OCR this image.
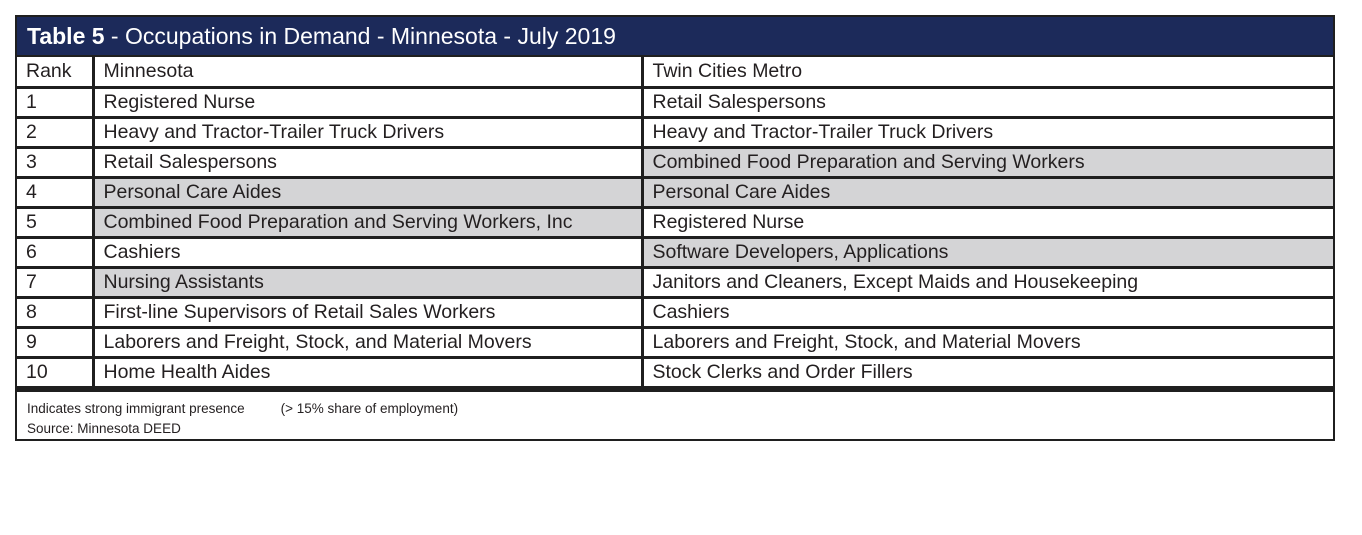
Table 5 - Occupations in Demand - Minnesota - July 2019
Rank	Minnesota	Twin Cities Metro
1	Registered Nurse	Retail Salespersons
2	Heavy and Tractor-Trailer Truck Drivers	Heavy and Tractor-Trailer Truck Drivers
3	Retail Salespersons	Combined Food Preparation and Serving Workers
4	Personal Care Aides	Personal Care Aides
5	Combined Food Preparation and Serving Workers, Inc	Registered Nurse
6	Cashiers	Software Developers, Applications
7	Nursing Assistants	Janitors and Cleaners, Except Maids and Housekeeping
8	First-line Supervisors of Retail Sales Workers	Cashiers
9	Laborers and Freight, Stock, and Material Movers	Laborers and Freight, Stock, and Material Movers
10	Home Health Aides	Stock Clerks and Order Fillers
Indicates strong immigrant presence	(> 15% share of employment)
Source: Minnesota DEED
